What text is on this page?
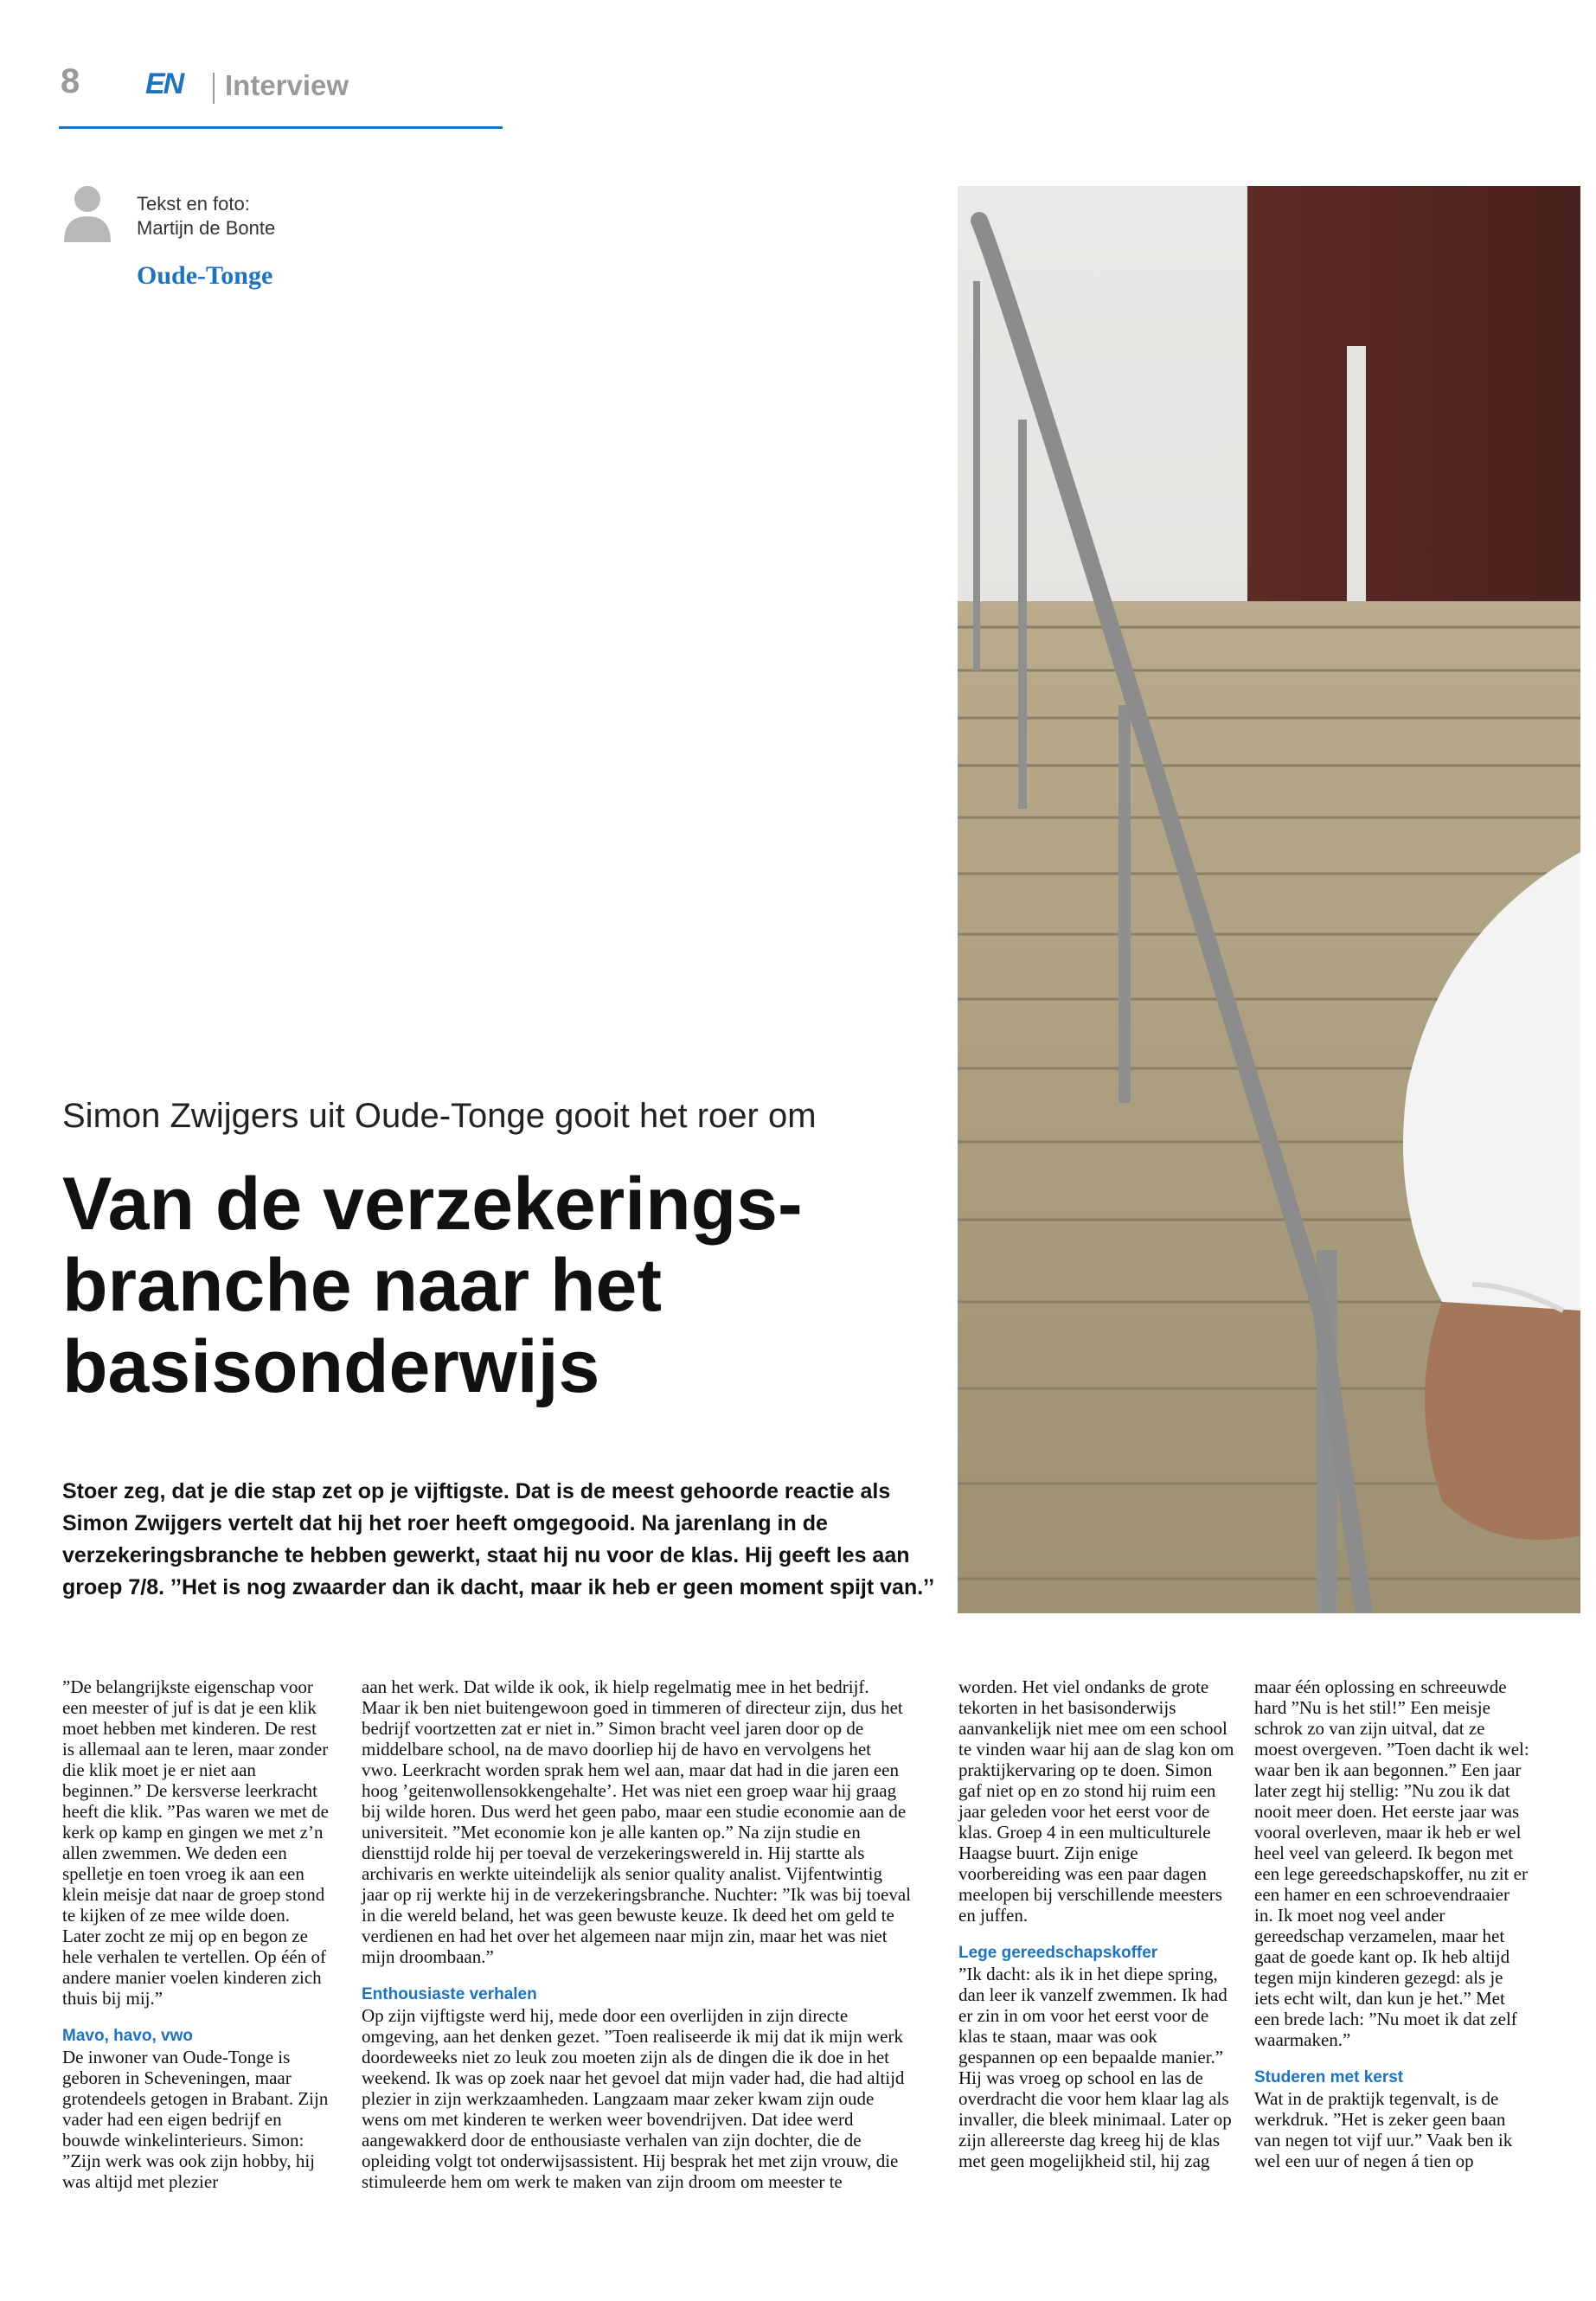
8 EN Interview
Tekst en foto:
Martijn de Bonte
Oude-Tonge
Simon Zwijgers uit Oude-Tonge gooit het roer om
Van de verzekerings-
branche naar het
basisonderwijs
Stoer zeg, dat je die stap zet op je vijftigste. Dat is de meest gehoorde reactie als Simon Zwijgers vertelt dat hij het roer heeft omgegooid. Na jarenlang in de verzekeringsbranche te hebben gewerkt, staat hij nu voor de klas. Hij geeft les aan groep 7/8. ’’Het is nog zwaarder dan ik dacht, maar ik heb er geen moment spijt van.’’

”De belangrijkste eigenschap voor een meester of juf is dat je een klik moet hebben met kinderen. De rest is allemaal aan te leren, maar zonder die klik moet je er niet aan beginnen.” De kersverse leerkracht heeft die klik. ”Pas waren we met de kerk op kamp en gingen we met z’n allen zwemmen. We deden een spelletje en toen vroeg ik aan een klein meisje dat naar de groep stond te kijken of ze mee wilde doen. Later zocht ze mij op en begon ze hele verhalen te vertellen. Op één of andere manier voelen kinderen zich thuis bij mij.”

Mavo, havo, vwo

De inwoner van Oude-Tonge is geboren in Scheveningen, maar grotendeels getogen in Brabant. Zijn vader had een eigen bedrijf en bouwde winkelinterieurs. Simon: ”Zijn werk was ook zijn hobby, hij was altijd met plezier

aan het werk. Dat wilde ik ook, ik hielp regelmatig mee in het bedrijf. Maar ik ben niet buitengewoon goed in timmeren of directeur zijn, dus het bedrijf voortzetten zat er niet in.” Simon bracht veel jaren door op de middelbare school, na de mavo doorliep hij de havo en vervolgens het vwo. Leerkracht worden sprak hem wel aan, maar dat had in die jaren een hoog ’geitenwollensokkengehalte’. Het was niet een groep waar hij graag bij wilde horen. Dus werd het geen pabo, maar een studie economie aan de universiteit. ”Met economie kon je alle kanten op.” Na zijn studie en diensttijd rolde hij per toeval de verzekeringswereld in. Hij startte als archivaris en werkte uiteindelijk als senior quality analist. Vijfentwintig jaar op rij werkte hij in de verzekeringsbranche. Nuchter: ”Ik was bij toeval in die wereld beland, het was geen bewuste keuze. Ik deed het om geld te verdienen en had het over het algemeen naar mijn zin, maar het was niet mijn droombaan.”

Enthousiaste verhalen

Op zijn vijftigste werd hij, mede door een overlijden in zijn directe omgeving, aan het denken gezet. ”Toen realiseerde ik mij dat ik mijn werk doordeweeks niet zo leuk zou moeten zijn als de dingen die ik doe in het weekend. Ik was op zoek naar het gevoel dat mijn vader had, die had altijd plezier in zijn werkzaamheden. Langzaam maar zeker kwam zijn oude wens om met kinderen te werken weer bovendrijven. Dat idee werd aangewakkerd door de enthousiaste verhalen van zijn dochter, die de opleiding volgt tot onderwijsassistent. Hij besprak het met zijn vrouw, die stimuleerde hem om werk te maken van zijn droom om meester te

worden. Het viel ondanks de grote tekorten in het basisonderwijs aanvankelijk niet mee om een school te vinden waar hij aan de slag kon om praktijkervaring op te doen. Simon gaf niet op en zo stond hij ruim een jaar geleden voor het eerst voor de klas. Groep 4 in een multiculturele Haagse buurt. Zijn enige voorbereiding was een paar dagen meelopen bij verschillende meesters en juffen.

Lege gereedschapskoffer

”Ik dacht: als ik in het diepe spring, dan leer ik vanzelf zwemmen. Ik had er zin in om voor het eerst voor de klas te staan, maar was ook gespannen op een bepaalde manier.” Hij was vroeg op school en las de overdracht die voor hem klaar lag als invaller, die bleek minimaal. Later op zijn allereerste dag kreeg hij de klas met geen mogelijkheid stil, hij zag

maar één oplossing en schreeuwde hard ”Nu is het stil!” Een meisje schrok zo van zijn uitval, dat ze moest overgeven. ”Toen dacht ik wel: waar ben ik aan begonnen.” Een jaar later zegt hij stellig: ”Nu zou ik dat nooit meer doen. Het eerste jaar was vooral overleven, maar ik heb er wel heel veel van geleerd. Ik begon met een lege gereedschapskoffer, nu zit er een hamer en een schroevendraaier in. Ik moet nog veel ander gereedschap verzamelen, maar het gaat de goede kant op. Ik heb altijd tegen mijn kinderen gezegd: als je iets echt wilt, dan kun je het.” Met een brede lach: ”Nu moet ik dat zelf waarmaken.”

Studeren met kerst

Wat in de praktijk tegenvalt, is de werkdruk. ”Het is zeker geen baan van negen tot vijf uur.” Vaak ben ik wel een uur of negen á tien op
